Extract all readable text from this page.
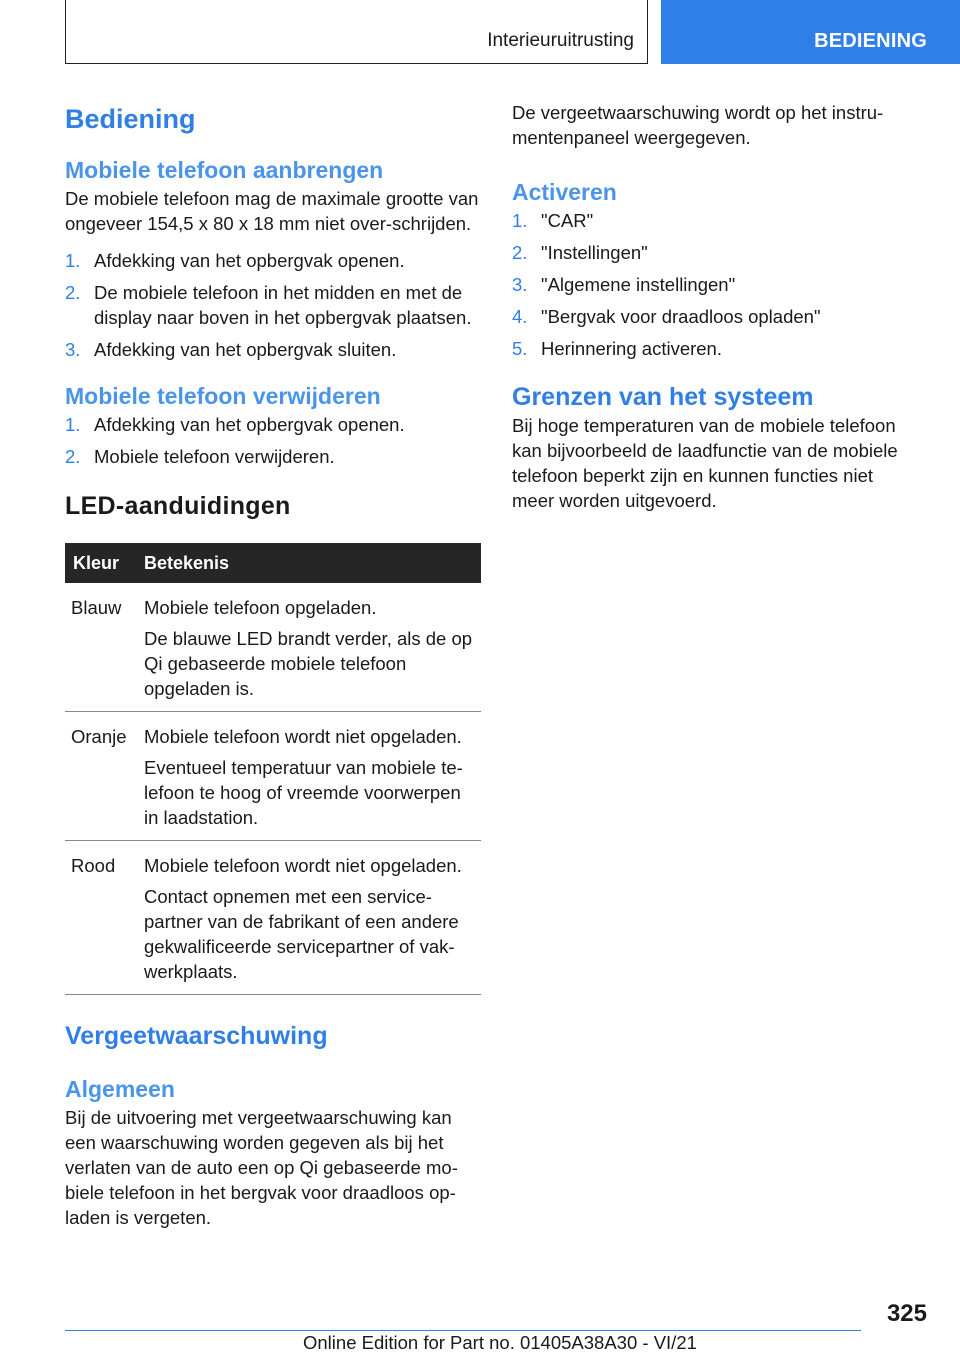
Interieuruitrusting	BEDIENING
Bediening
Mobiele telefoon aanbrengen

De mobiele telefoon mag de maximale grootte van ongeveer 154,5 x 80 x 18 mm niet over-schrijden.

1. Afdekking van het opbergvak openen.
2. De mobiele telefoon in het midden en met de display naar boven in het opbergvak plaatsen.
3. Afdekking van het opbergvak sluiten.
Mobiele telefoon verwijderen
1. Afdekking van het opbergvak openen.
2. Mobiele telefoon verwijderen.
LED-aanduidingen
Kleur	Betekenis
Blauw	Mobiele telefoon opgeladen.
De blauwe LED brandt verder, als de op Qi gebaseerde mobiele telefoon opgeladen is.

Oranje	Mobiele telefoon wordt niet opgeladen.
Eventueel temperatuur van mobiele te-lefoon te hoog of vreemde voorwerpen in laadstation.

Rood	Mobiele telefoon wordt niet opgeladen.
Contact opnemen met een service-partner van de fabrikant of een andere gekwalificeerde servicepartner of vak-werkplaats.
Vergeetwaarschuwing
Algemeen

Bij de uitvoering met vergeetwaarschuwing kan een waarschuwing worden gegeven als bij het verlaten van de auto een op Qi gebaseerde mo-biele telefoon in het bergvak voor draadloos op-laden is vergeten.

De vergeetwaarschuwing wordt op het instru-mentenpaneel weergegeven.

Activeren
1. "CAR"
2. "Instellingen"
3. "Algemene instellingen"
4. "Bergvak voor draadloos opladen"
5. Herinnering activeren.
Grenzen van het systeem

Bij hoge temperaturen van de mobiele telefoon kan bijvoorbeeld de laadfunctie van de mobiele telefoon beperkt zijn en kunnen functies niet meer worden uitgevoerd.

325
Online Edition for Part no. 01405A38A30 - VI/21
